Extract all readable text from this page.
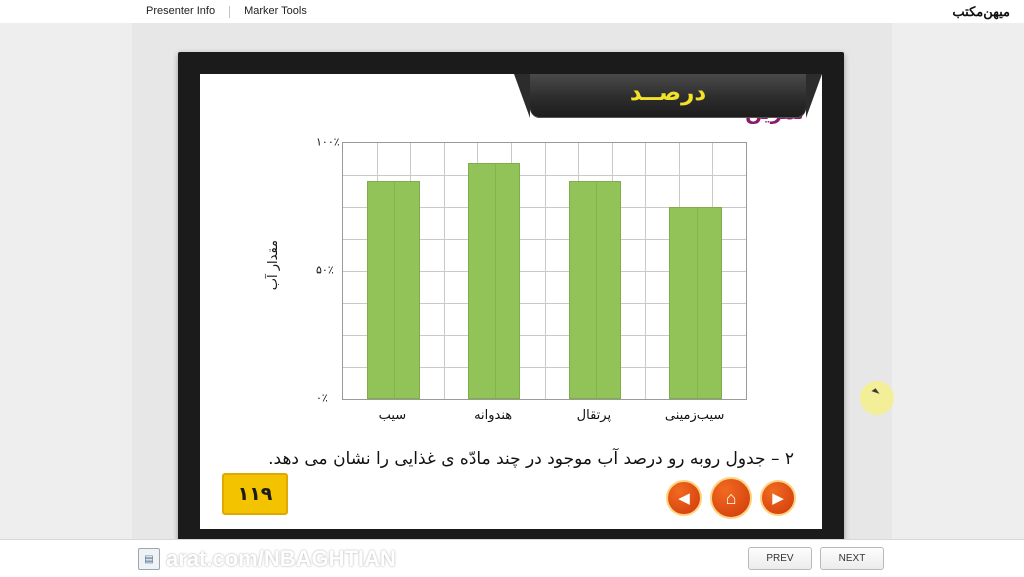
Presenter Info	Marker Tools	میهن‌مکتب
درصــد
مقدار آب
۰٪
۵۰٪
۱۰۰٪
سیب	هندوانه	پرتقال	سیب‌زمینی
۲ – جدول روبه رو درصد آب موجود در چند مادّه ی غذایی را نشان می دهد.
۱۱۹	◀	⌂	▶
▤ arat.com/NBAGHTIAN	PREV	NEXT
